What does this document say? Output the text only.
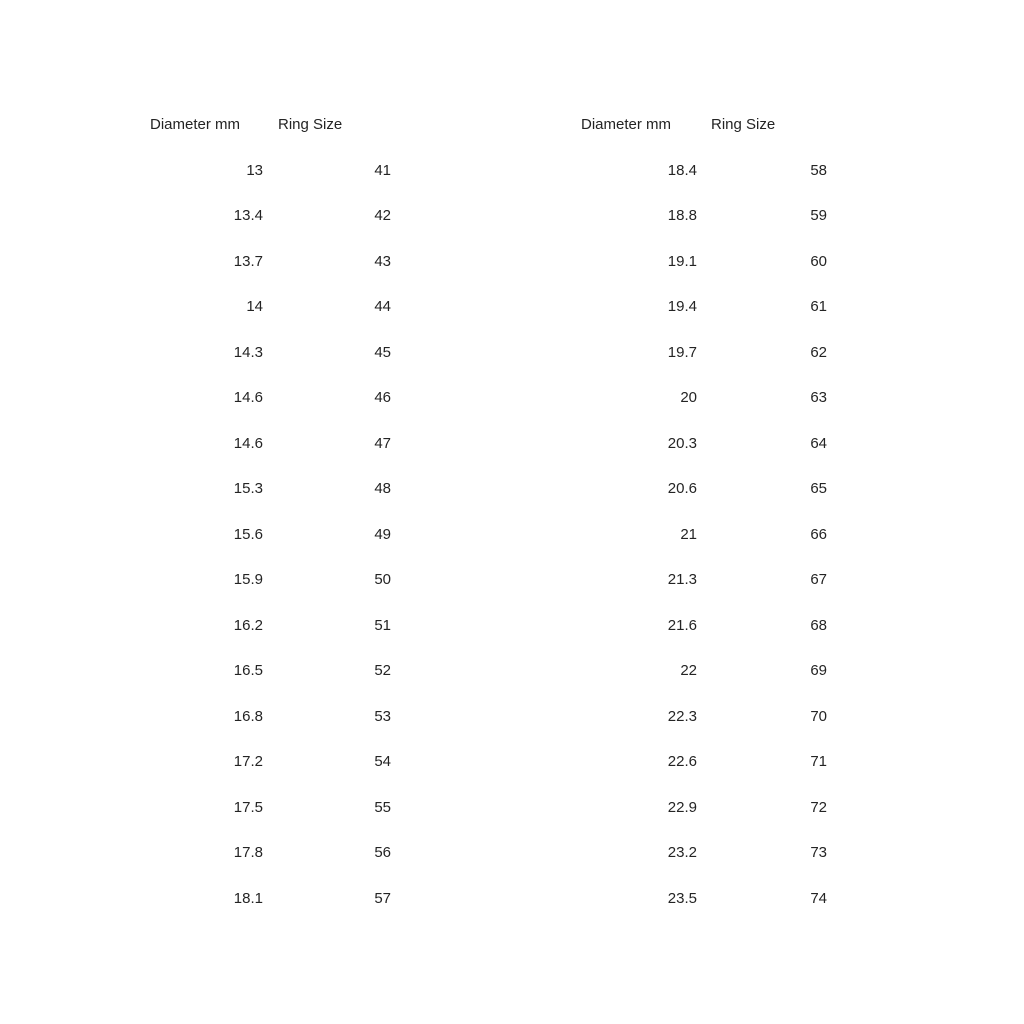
Diameter mm	Ring Size
13	41
13.4	42
13.7	43
14	44
14.3	45
14.6	46
14.6	47
15.3	48
15.6	49
15.9	50
16.2	51
16.5	52
16.8	53
17.2	54
17.5	55
17.8	56
18.1	57
Diameter mm	Ring Size
18.4	58
18.8	59
19.1	60
19.4	61
19.7	62
20	63
20.3	64
20.6	65
21	66
21.3	67
21.6	68
22	69
22.3	70
22.6	71
22.9	72
23.2	73
23.5	74
